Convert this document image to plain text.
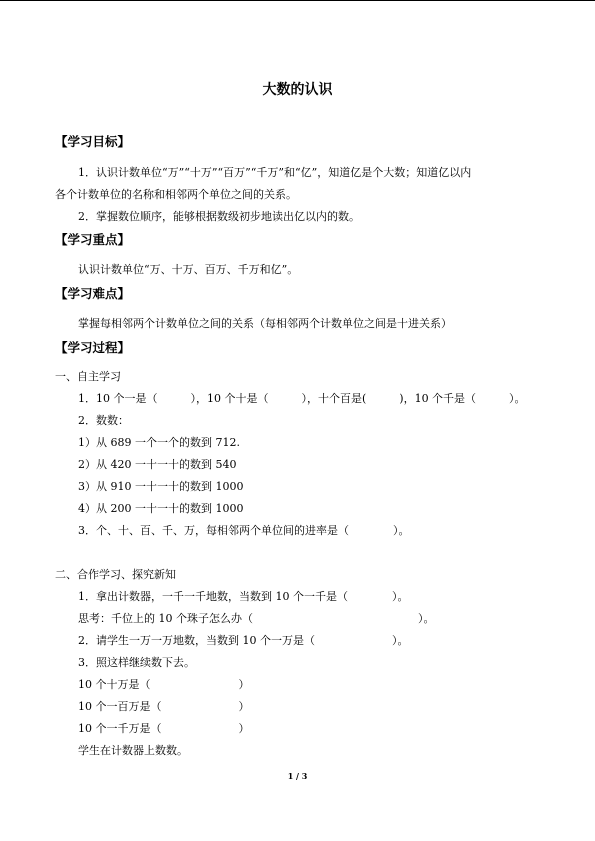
大数的认识
【学习目标】
1．认识计数单位“万”“十万”“百万”“千万”和“亿”，知道亿是个大数；知道亿以内
各个计数单位的名称和相邻两个单位之间的关系。
2．掌握数位顺序，能够根据数级初步地读出亿以内的数。
【学习重点】
认识计数单位“万、十万、百万、千万和亿”。
【学习难点】
掌握每相邻两个计数单位之间的关系（每相邻两个计数单位之间是十进关系）
【学习过程】
一、自主学习
1．10 个一是（　　　），10 个十是（　　　），十个百是(　　　)，10 个千是（　　　）。
2．数数：
1）从 689 一个一个的数到 712.
2）从 420 一十一十的数到 540
3）从 910 一十一十的数到 1000
4）从 200 一十一十的数到 1000
3．个、十、百、千、万，每相邻两个单位间的进率是（　　　　）。
二、合作学习、探究新知
1．拿出计数器，一千一千地数，当数到 10 个一千是（　　　　）。
思考：千位上的 10 个珠子怎么办（　　　　　　　　　　　　　　　）。
2．请学生一万一万地数，当数到 10 个一万是（　　　　　　　）。
3．照这样继续数下去。
10 个十万是（　　　　　　　　）
10 个一百万是（　　　　　　　）
10 个一千万是（　　　　　　　）
学生在计数器上数数。
1 / 3
